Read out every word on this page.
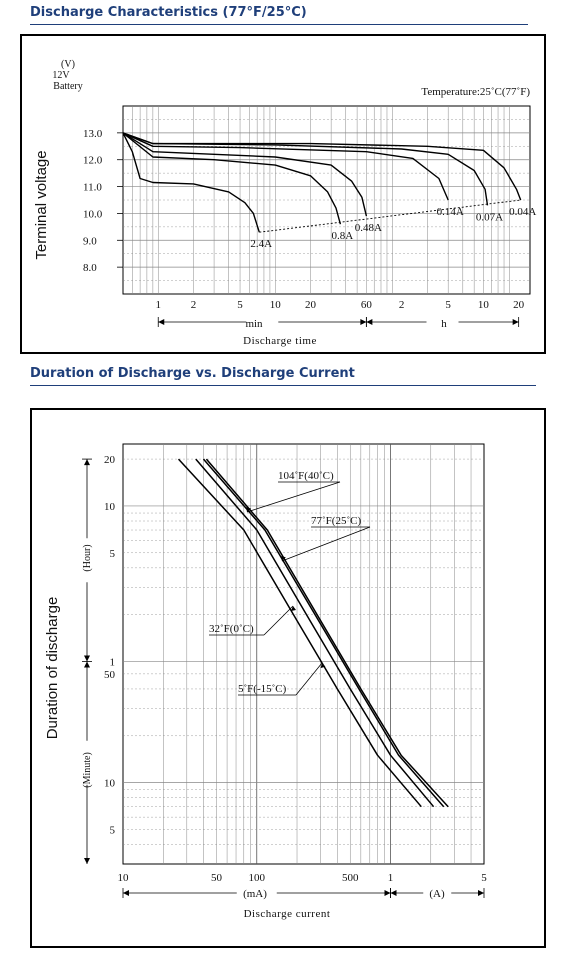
Discharge Characteristics (77°F/25°C)
Duration of Discharge vs. Discharge Current
8.0
9.0
10.0
11.0
12.0
13.0
1	2	5 10 20	60 2	5 10 20
2.4A
0.8A
0.48A
0.14A 0.07A 0.04A
(V)
12V
Battery	Temperature:25˚C(77˚F)
Terminal voltage
min	h
Discharge time
5
10
50
1
5
10
20
10	50 100	500	1	5
104˚F(40˚C)
77˚F(25˚C)
32˚F(0˚C)
5˚F(-15˚C)
Duration of discharge
(Hour)
(Minute)
(mA)	(A)
Discharge current
